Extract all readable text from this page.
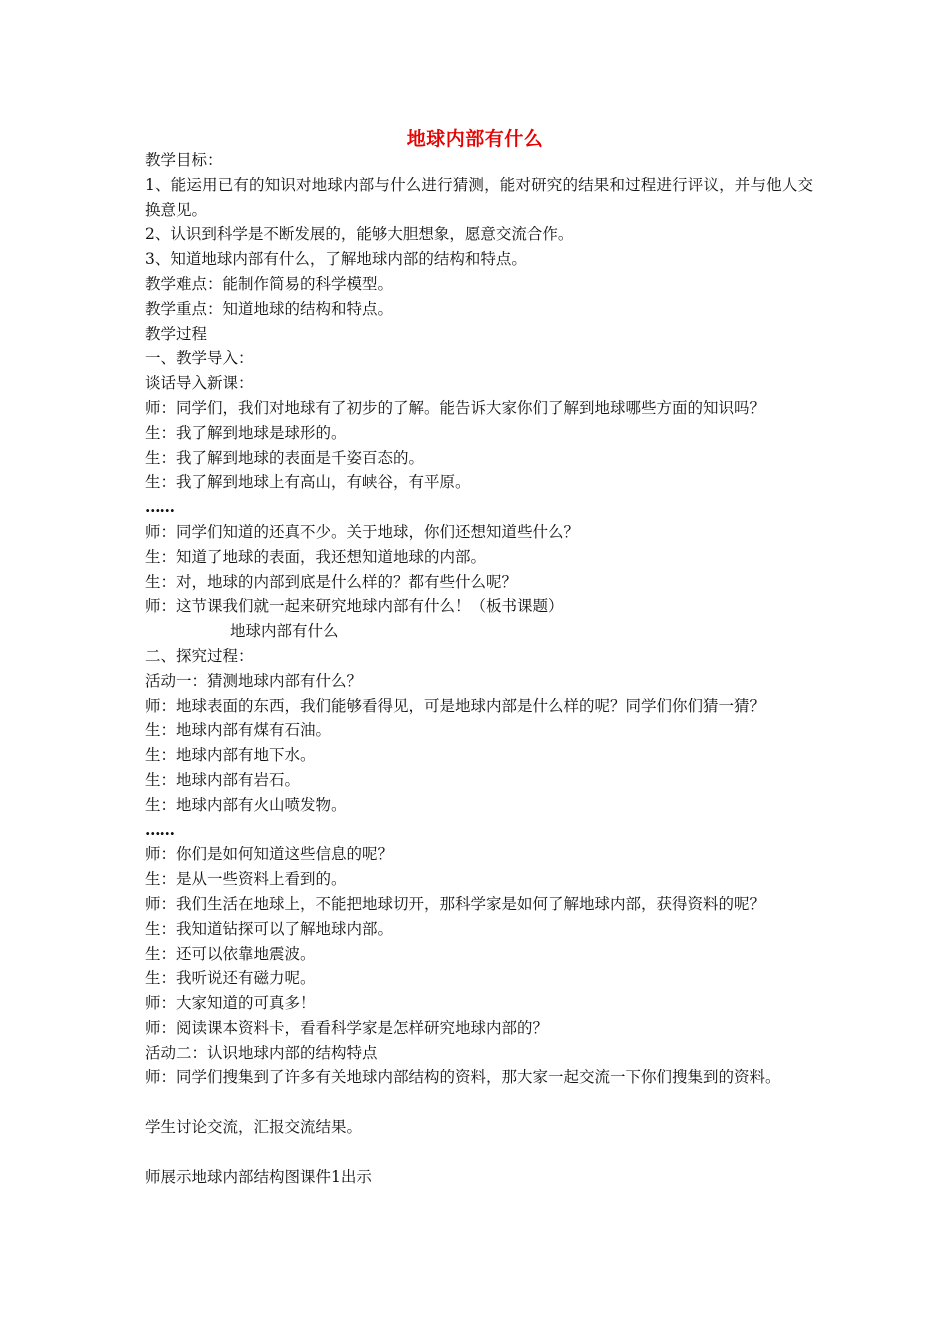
地球内部有什么
教学目标：
1、能运用已有的知识对地球内部与什么进行猜测，能对研究的结果和过程进行评议，并与他人交换意见。
2、认识到科学是不断发展的，能够大胆想象，愿意交流合作。
3、知道地球内部有什么，了解地球内部的结构和特点。
教学难点：能制作简易的科学模型。
教学重点：知道地球的结构和特点。
教学过程
一、教学导入：
谈话导入新课：
师：同学们，我们对地球有了初步的了解。能告诉大家你们了解到地球哪些方面的知识吗？
生：我了解到地球是球形的。
生：我了解到地球的表面是千姿百态的。
生：我了解到地球上有高山，有峡谷，有平原。
……
师：同学们知道的还真不少。关于地球，你们还想知道些什么？
生：知道了地球的表面，我还想知道地球的内部。
生：对，地球的内部到底是什么样的？都有些什么呢？
师：这节课我们就一起来研究地球内部有什么！（板书课题）
地球内部有什么
二、探究过程：
活动一：猜测地球内部有什么？
师：地球表面的东西，我们能够看得见，可是地球内部是什么样的呢？同学们你们猜一猜？
生：地球内部有煤有石油。
生：地球内部有地下水。
生：地球内部有岩石。
生：地球内部有火山喷发物。
……
师：你们是如何知道这些信息的呢？
生：是从一些资料上看到的。
师：我们生活在地球上，不能把地球切开，那科学家是如何了解地球内部，获得资料的呢？
生：我知道钻探可以了解地球内部。
生：还可以依靠地震波。
生：我听说还有磁力呢。
师：大家知道的可真多！
师：阅读课本资料卡，看看科学家是怎样研究地球内部的？
活动二：认识地球内部的结构特点
师：同学们搜集到了许多有关地球内部结构的资料，那大家一起交流一下你们搜集到的资料。
学生讨论交流，汇报交流结果。
师展示地球内部结构图课件1出示
